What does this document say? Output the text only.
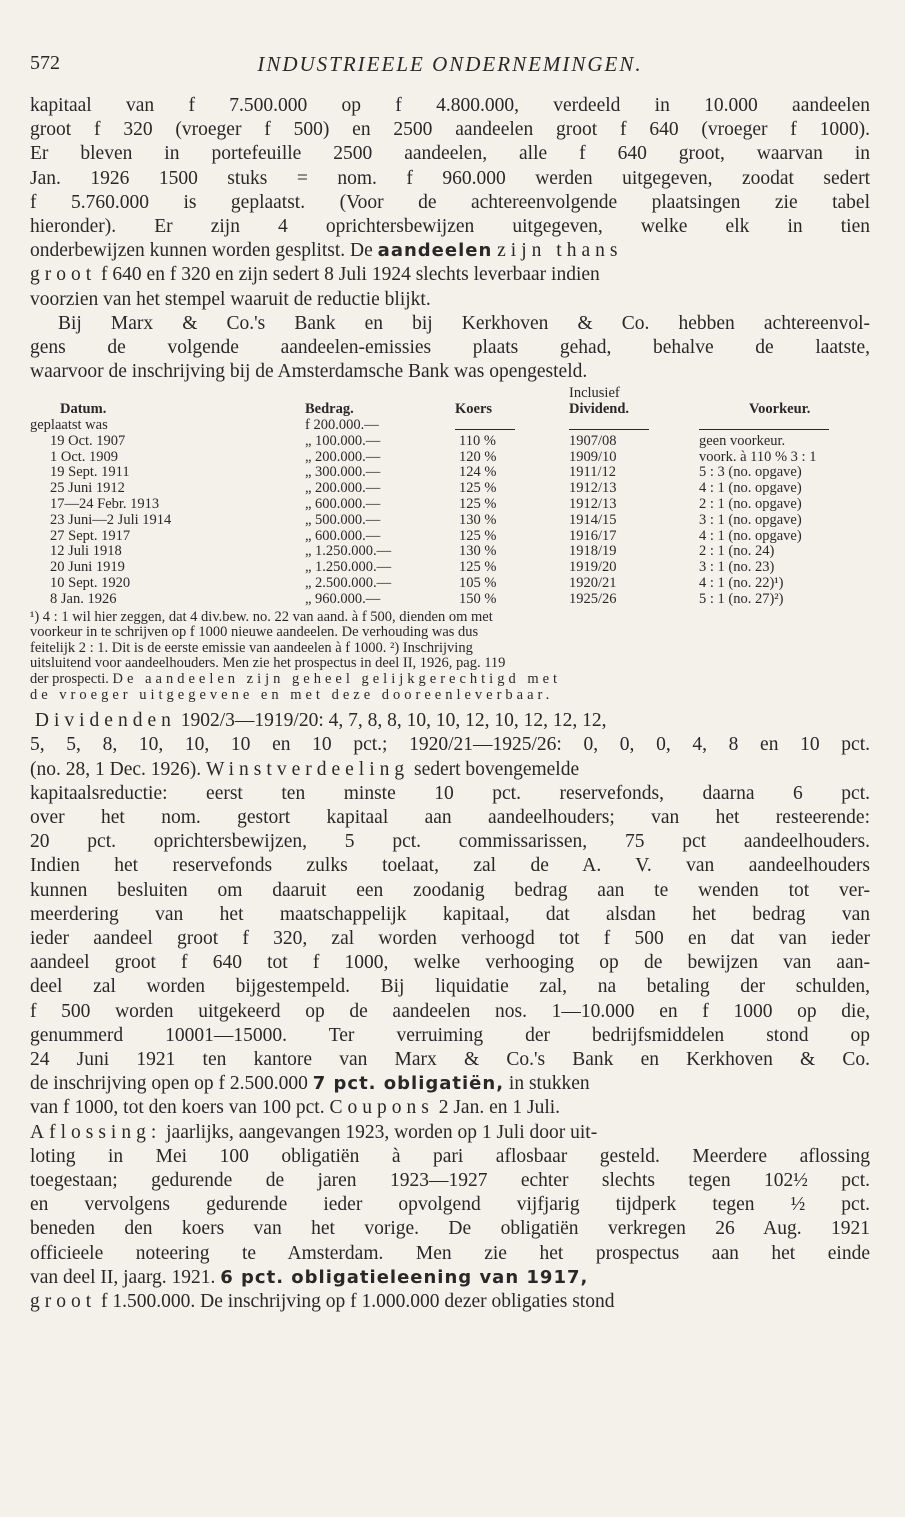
572	INDUSTRIEELE ONDERNEMINGEN.

kapitaal van f 7.500.000 op f 4.800.000, verdeeld in 10.000 aandeelen
groot f 320 (vroeger f 500) en 2500 aandeelen groot f 640 (vroeger f 1000).
Er bleven in portefeuille 2500 aandeelen, alle f 640 groot, waarvan in
Jan. 1926 1500 stuks = nom. f 960.000 werden uitgegeven, zoodat sedert
f 5.760.000 is geplaatst. (Voor de achtereenvolgende plaatsingen zie tabel
hieronder). Er zijn 4 oprichtersbewijzen uitgegeven, welke elk in tien
onderbewijzen kunnen worden gesplitst. De aandeelen zijn thans
groot f 640 en f 320 en zijn sedert 8 Juli 1924 slechts leverbaar indien
voorzien van het stempel waaruit de reductie blijkt.

Bij Marx & Co.'s Bank en bij Kerkhoven & Co. hebben achtereenvol-
gens de volgende aandeelen-emissies plaats gehad, behalve de laatste,
waarvoor de inschrijving bij de Amsterdamsche Bank was opengesteld.

			Inclusief	
Datum.	Bedrag.	Koers	Dividend.	Voorkeur.
geplaatst was	f 200.000.—	

19 Oct. 1907	„ 100.000.—	110 %	1907/08	geen voorkeur.
1 Oct. 1909	„ 200.000.—	120 %	1909/10	voork. à 110 % 3 : 1
19 Sept. 1911	„ 300.000.—	124 %	1911/12	5 : 3 (no. opgave)
25 Juni 1912	„ 200.000.—	125 %	1912/13	4 : 1 (no. opgave)
17—24 Febr. 1913	„ 600.000.—	125 %	1912/13	2 : 1 (no. opgave)
23 Juni—2 Juli 1914	„ 500.000.—	130 %	1914/15	3 : 1 (no. opgave)
27 Sept. 1917	„ 600.000.—	125 %	1916/17	4 : 1 (no. opgave)
12 Juli 1918	„ 1.250.000.—	130 %	1918/19	2 : 1 (no. 24)
20 Juni 1919	„ 1.250.000.—	125 %	1919/20	3 : 1 (no. 23)
10 Sept. 1920	„ 2.500.000.—	105 %	1920/21	4 : 1 (no. 22)¹)
8 Jan. 1926	„ 960.000.—	150 %	1925/26	5 : 1 (no. 27)²)
¹) 4 : 1 wil hier zeggen, dat 4 div.bew. no. 22 van aand. à f 500, dienden om met
voorkeur in te schrijven op f 1000 nieuwe aandeelen. De verhouding was dus
feitelijk 2 : 1. Dit is de eerste emissie van aandeelen à f 1000. ²) Inschrijving
uitsluitend voor aandeelhouders. Men zie het prospectus in deel II, 1926, pag. 119
der prospecti. De aandeelen zijn geheel gelijkgerechtigd met
de vroeger uitgegevene en met deze dooreenleverbaar.

Dividenden 1902/3—1919/20: 4, 7, 8, 8, 10, 10, 12, 10, 12, 12, 12,
5, 5, 8, 10, 10, 10 en 10 pct.; 1920/21—1925/26: 0, 0, 0, 4, 8 en 10 pct.
(no. 28, 1 Dec. 1926). Winstverdeeling sedert bovengemelde
kapitaalsreductie: eerst ten minste 10 pct. reservefonds, daarna 6 pct.
over het nom. gestort kapitaal aan aandeelhouders; van het resteerende:
20 pct. oprichtersbewijzen, 5 pct. commissarissen, 75 pct aandeelhouders.
Indien het reservefonds zulks toelaat, zal de A. V. van aandeelhouders
kunnen besluiten om daaruit een zoodanig bedrag aan te wenden tot ver-
meerdering van het maatschappelijk kapitaal, dat alsdan het bedrag van
ieder aandeel groot f 320, zal worden verhoogd tot f 500 en dat van ieder
aandeel groot f 640 tot f 1000, welke verhooging op de bewijzen van aan-
deel zal worden bijgestempeld. Bij liquidatie zal, na betaling der schulden,
f 500 worden uitgekeerd op de aandeelen nos. 1—10.000 en f 1000 op die,
genummerd 10001—15000. Ter verruiming der bedrijfsmiddelen stond op
24 Juni 1921 ten kantore van Marx & Co.'s Bank en Kerkhoven & Co.
de inschrijving open op f 2.500.000 7 pct. obligatiën, in stukken
van f 1000, tot den koers van 100 pct. Coupons 2 Jan. en 1 Juli.
Aflossing: jaarlijks, aangevangen 1923, worden op 1 Juli door uit-
loting in Mei 100 obligatiën à pari aflosbaar gesteld. Meerdere aflossing
toegestaan; gedurende de jaren 1923—1927 echter slechts tegen 102½ pct.
en vervolgens gedurende ieder opvolgend vijfjarig tijdperk tegen ½ pct.
beneden den koers van het vorige. De obligatiën verkregen 26 Aug. 1921
officieele noteering te Amsterdam. Men zie het prospectus aan het einde
van deel II, jaarg. 1921. 6 pct. obligatieleening van 1917,
groot f 1.500.000. De inschrijving op f 1.000.000 dezer obligaties stond
